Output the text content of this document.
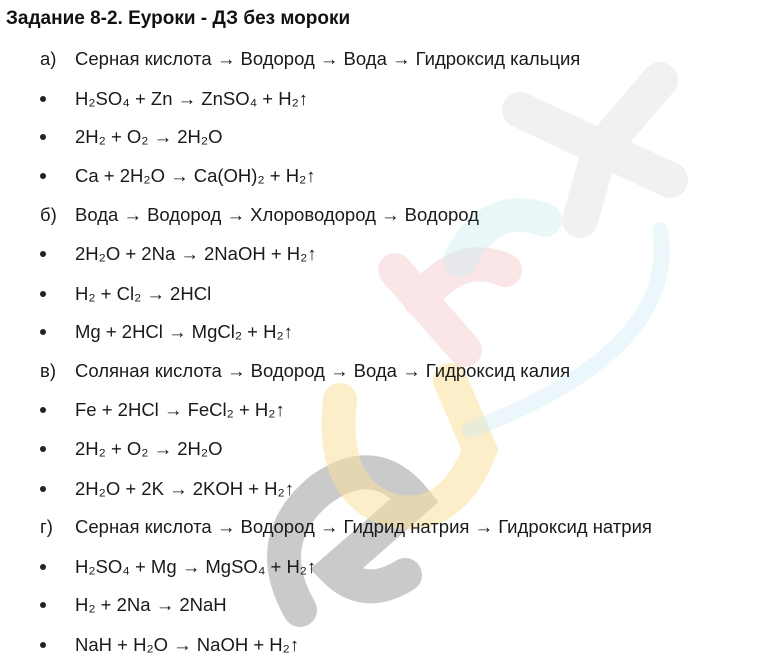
Задание 8-2. Еуроки - ДЗ без мороки
а) Серная кислота → Водород → Вода → Гидроксид кальция
H₂SO₄ + Zn → ZnSO₄ + H₂↑
2H₂ + O₂ → 2H₂O
Ca + 2H₂O → Ca(OH)₂ + H₂↑
б) Вода → Водород → Хлороводород → Водород
2H₂O + 2Na → 2NaOH + H₂↑
H₂ + Cl₂ → 2HCl
Mg + 2HCl → MgCl₂ + H₂↑
в) Соляная кислота → Водород → Вода → Гидроксид калия
Fe + 2HCl → FeCl₂ + H₂↑
2H₂ + O₂ → 2H₂O
2H₂O + 2K → 2KOH + H₂↑
г) Серная кислота → Водород → Гидрид натрия → Гидроксид натрия
H₂SO₄ + Mg → MgSO₄ + H₂↑
H₂ + 2Na → 2NaH
NaH + H₂O → NaOH + H₂↑
